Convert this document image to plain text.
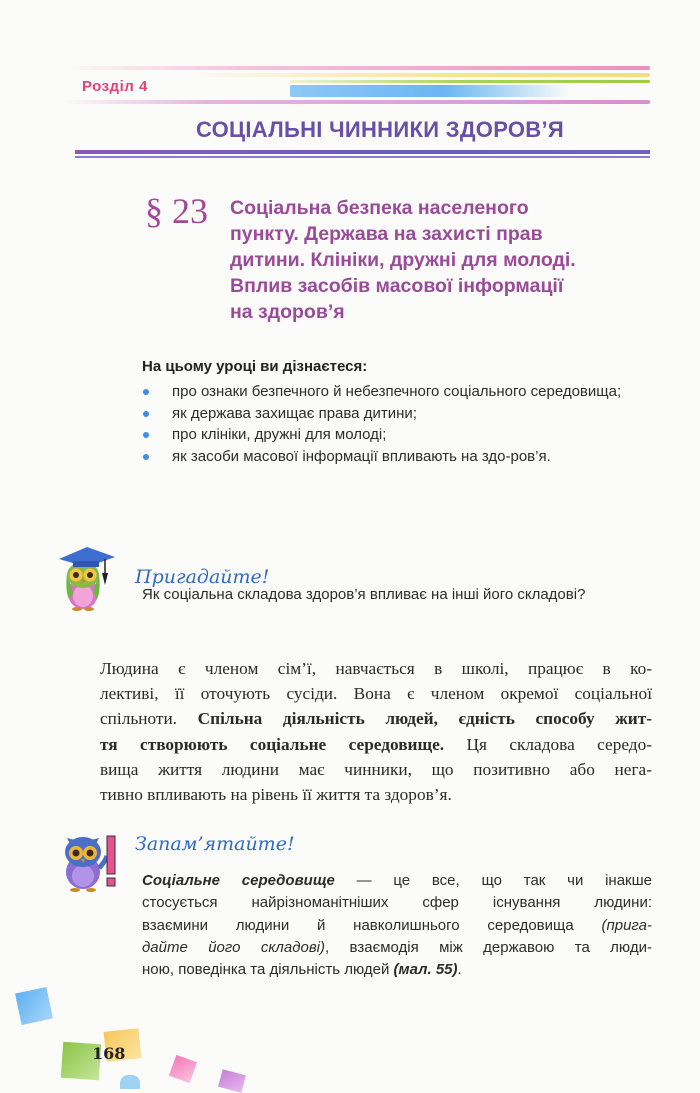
Розділ 4
СОЦІАЛЬНІ ЧИННИКИ ЗДОРОВ’Я
§ 23 Соціальна безпека населеного
пункту. Держава на захисті прав
дитини. Клініки, дружні для молоді.
Вплив засобів масової інформації
на здоров’я
На цьому уроці ви дізнаєтеся:
про ознаки безпечного й небезпечного соціального середовища;
як держава захищає права дитини;
про клініки, дружні для молоді;
як засоби масової інформації впливають на здо-ров’я.
Пригадайте!
Як соціальна складова здоров’я впливає на інші його складові?
Людина є членом сім’ї, навчається в школі, працює в ко-
лективі, її оточують сусіди. Вона є членом окремої соціальної
спільноти. Спільна діяльність людей, єдність способу жит-
тя створюють соціальне середовище. Ця складова середо-
вища життя людини має чинники, що позитивно або нега-
тивно впливають на рівень її життя та здоров’я.
Запам’ятайте!
Соціальне середовище — це все, що так чи інакше
стосується найрізноманітніших сфер існування людини:
взаємини людини й навколишнього середовища (прига-
дайте його складові), взаємодія між державою та люди-
ною, поведінка та діяльність людей (мал. 55).
168
